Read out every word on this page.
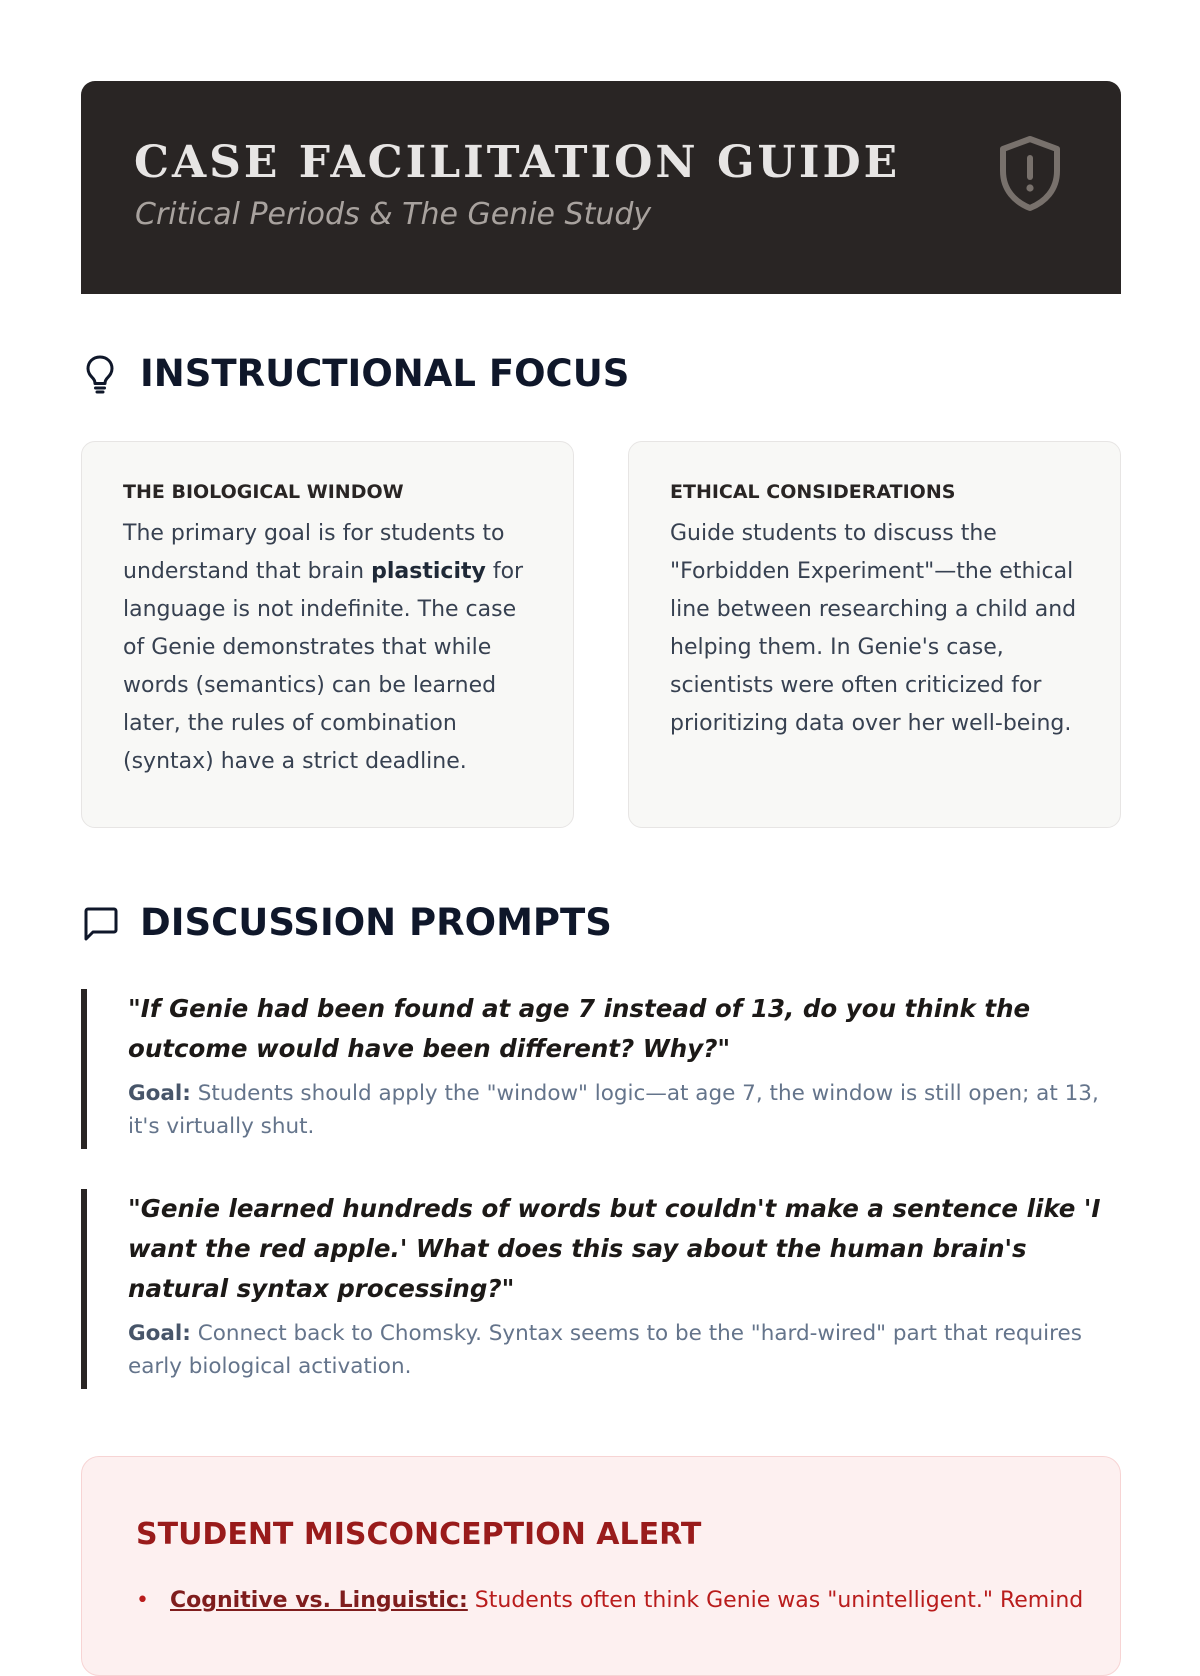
CASE FACILITATION GUIDE
Critical Periods & The Genie Study
INSTRUCTIONAL FOCUS
THE BIOLOGICAL WINDOW
The primary goal is for students to understand that brain plasticity for language is not indefinite. The case of Genie demonstrates that while words (semantics) can be learned later, the rules of combination (syntax) have a strict deadline.
ETHICAL CONSIDERATIONS
Guide students to discuss the "Forbidden Experiment"—the ethical line between researching a child and helping them. In Genie's case, scientists were often criticized for prioritizing data over her well-being.
DISCUSSION PROMPTS
"If Genie had been found at age 7 instead of 13, do you think the outcome would have been different? Why?"
Goal: Students should apply the "window" logic—at age 7, the window is still open; at 13, it's virtually shut.
"Genie learned hundreds of words but couldn't make a sentence like 'I want the red apple.' What does this say about the human brain's natural syntax processing?"
Goal: Connect back to Chomsky. Syntax seems to be the "hard-wired" part that requires early biological activation.
STUDENT MISCONCEPTION ALERT
• Cognitive vs. Linguistic: Students often think Genie was "unintelligent." Remind
